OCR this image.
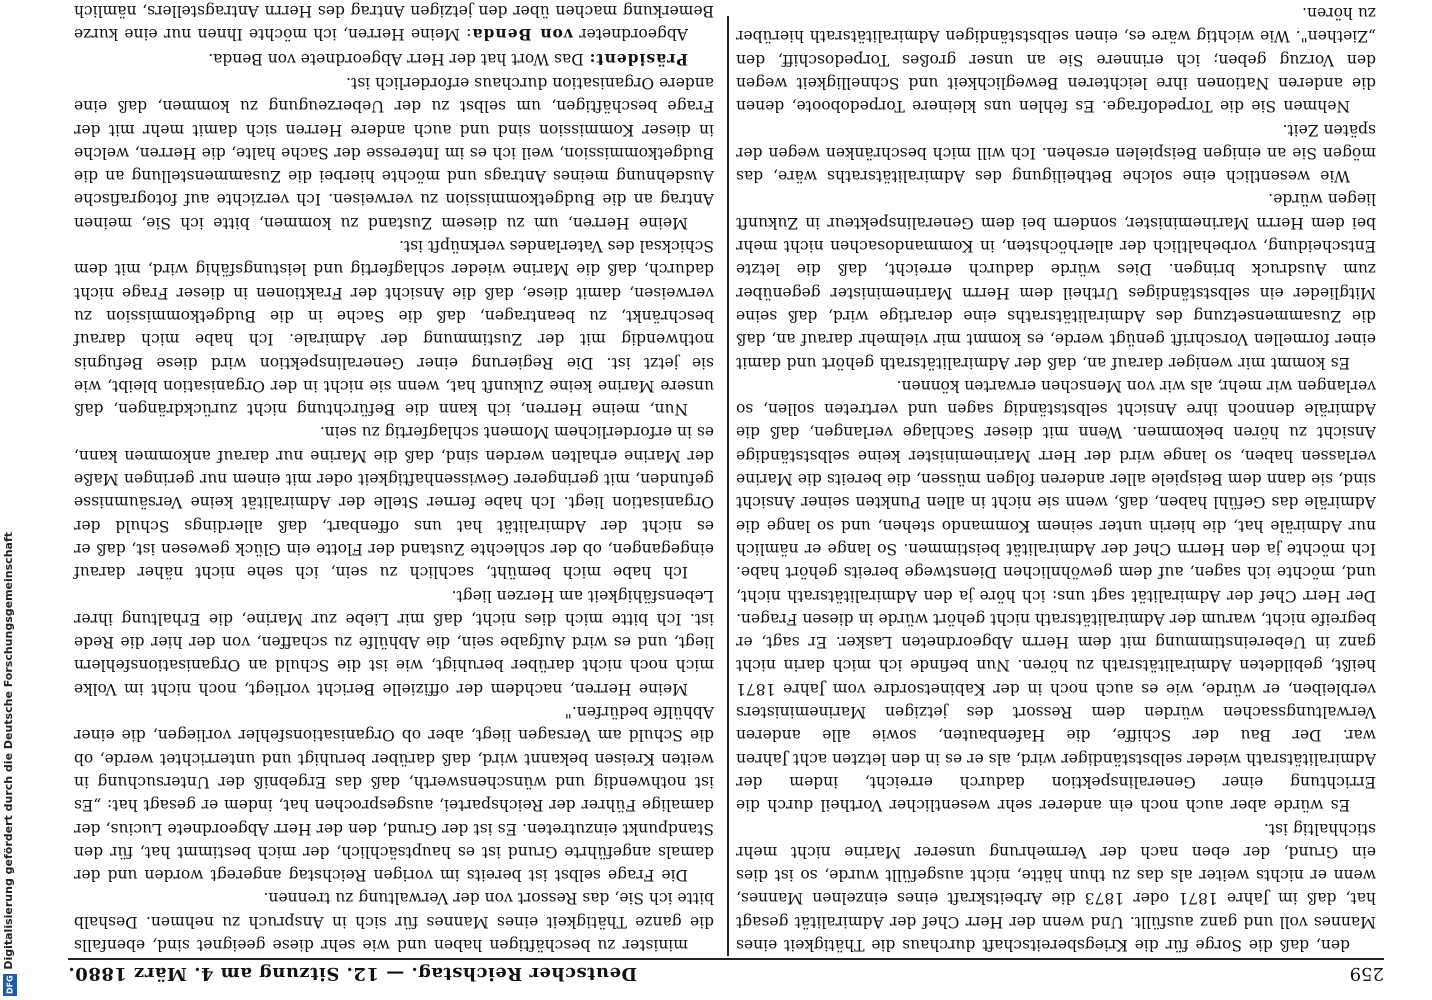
Digitalisierung gefördert durch die Deutsche Forschungsgemeinschaft
DFG
259
Deutscher Reichstag. — 12. Sitzung am 4. März 1880.

den, daß die Sorge für die Kriegsbereitschaft durchaus die Thätigkeit eines Mannes voll und ganz ausfüllt. Und wenn der Herr Chef der Admiralität gesagt hat, daß im Jahre 1871 oder 1873 die Arbeitskraft eines einzelnen Mannes, wenn er nichts weiter als das zu thun hätte, nicht ausgefüllt wurde, so ist dies ein Grund, der eben nach der Vermehrung unserer Marine nicht mehr stichhaltig ist.

Es würde aber auch noch ein anderer sehr wesentlicher Vortheil durch die Errichtung einer Generalinspektion dadurch erreicht, indem der Admiralitätsrath wieder selbstständiger wird, als er es in den letzten acht Jahren war. Der Bau der Schiffe, die Hafenbauten, sowie alle anderen Verwaltungssachen würden dem Ressort des jetzigen Marineministers verbleiben, er würde, wie es auch noch in der Kabinetsordre vom Jahre 1871 heißt, gebildeten Admiralitätsrath zu hören. Nun befinde ich mich darin nicht ganz in Uebereinstimmung mit dem Herrn Abgeordneten Lasker. Er sagt, er begreife nicht, warum der Admiralitätsrath nicht gehört würde in diesen Fragen. Der Herr Chef der Admiralität sagt uns: ich höre ja den Admiralitätsrath nicht, und, möchte ich sagen, auf dem gewöhnlichen Dienstwege bereits gehört habe. Ich möchte ja den Herrn Chef der Admiralität beistimmen. So lange er nämlich nur Admiräle hat, die hierin unter seinem Kommando stehen, und so lange die Admiräle das Gefühl haben, daß, wenn sie nicht in allen Punkten seiner Ansicht sind, sie dann dem Beispiele aller anderen folgen müssen, die bereits die Marine verlassen haben, so lange wird der Herr Marineminister keine selbstständige Ansicht zu hören bekommen. Wenn mit dieser Sachlage verlangen, daß die Admiräle dennoch ihre Ansicht selbstständig sagen und vertreten sollen, so verlangen wir mehr, als wir von Menschen erwarten können.

Es kommt mir weniger darauf an, daß der Admiralitätsrath gehört und damit einer formellen Vorschrift genügt werde, es kommt mir vielmehr darauf an, daß die Zusammensetzung des Admiralitätsraths eine derartige wird, daß seine Mitglieder ein selbstständiges Urtheil dem Herrn Marineminister gegenüber zum Ausdruck bringen. Dies würde dadurch erreicht, daß die letzte Entscheidung, vorbehaltlich der allerhöchsten, in Kommandosachen nicht mehr bei dem Herrn Marineminister, sondern bei dem Generalinspekteur in Zukunft liegen würde.

Wie wesentlich eine solche Betheiligung des Admiralitätsraths wäre, das mögen Sie an einigen Beispielen ersehen. Ich will mich beschränken wegen der späten Zeit.

Nehmen Sie die Torpedofrage. Es fehlen uns kleinere Torpedoboote, denen die anderen Nationen ihre leichteren Beweglichkeit und Schnelligkeit wegen den Vorzug geben; ich erinnere Sie an unser großes Torpedoschiff, den „Ziethen". Wie wichtig wäre es, einen selbstständigen Admiralitätsrath hierüber zu hören.

minister zu beschäftigen haben und wie sehr diese geeignet sind, ebenfalls die ganze Thätigkeit eines Mannes für sich in Anspruch zu nehmen. Deshalb bitte ich Sie, das Ressort von der Verwaltung zu trennen.

Die Frage selbst ist bereits im vorigen Reichstag angeregt worden und der damals angeführte Grund ist es hauptsächlich, der mich bestimmt hat, für den Standpunkt einzutreten. Es ist der Grund, den der Herr Abgeordnete Lucius, der damalige Führer der Reichspartei, ausgesprochen hat, indem er gesagt hat: „Es ist nothwendig und wünschenswerth, daß das Ergebniß der Untersuchung in weiten Kreisen bekannt wird, daß darüber beruhigt und unterrichtet werde, ob die Schuld am Versagen liegt, aber ob Organisationsfehler vorliegen, die einer Abhülfe bedürfen."

Meine Herren, nachdem der offizielle Bericht vorliegt, noch nicht im Volke mich noch nicht darüber beruhigt, wie ist die Schuld an Organisationsfehlern liegt, und es wird Aufgabe sein, die Abhülfe zu schaffen, von der hier die Rede ist. Ich bitte mich dies nicht, daß mir Liebe zur Marine, die Erhaltung ihrer Lebensfähigkeit am Herzen liegt.

Ich habe mich bemüht, sachlich zu sein, ich sehe nicht näher darauf eingegangen, ob der schlechte Zustand der Flotte ein Glück gewesen ist, daß er es nicht der Admiralität hat uns offenbart, daß allerdings Schuld der Organisation liegt. Ich habe ferner Stelle der Admiralität keine Versäumnisse gefunden, mit geringerer Gewissenhaftigkeit oder mit einem nur geringen Maße der Marine erhalten werden sind, daß die Marine nur darauf ankommen kann, es in erforderlichem Moment schlagfertig zu sein.

Nun, meine Herren, ich kann die Befürchtung nicht zurückdrängen, daß unsere Marine keine Zukunft hat, wenn sie nicht in der Organisation bleibt, wie sie jetzt ist. Die Regierung einer Generalinspektion wird diese Befugnis nothwendig mit der Zustimmung der Admirale. Ich habe mich darauf beschränkt, zu beantragen, daß die Sache in die Budgetkommission zu verweisen, damit diese, daß die Ansicht der Fraktionen in dieser Frage nicht dadurch, daß die Marine wieder schlagfertig und leistungsfähig wird, mit dem Schicksal des Vaterlandes verknüpft ist.

Meine Herren, um zu diesem Zustand zu kommen, bitte ich Sie, meinen Antrag an die Budgetkommission zu verweisen. Ich verzichte auf fotografische Ausdehnung meines Antrags und möchte hierbei die Zusammenstellung an die Budgetkommission, weil ich es im Interesse der Sache halte, die Herren, welche in dieser Kommission sind und auch andere Herren sich damit mehr mit der Frage beschäftigen, um selbst zu der Ueberzeugung zu kommen, daß eine andere Organisation durchaus erforderlich ist.

Präsident: Das Wort hat der Herr Abgeordnete von Benda.

Abgeordneter von Benda: Meine Herren, ich möchte Ihnen nur eine kurze Bemerkung machen über den jetzigen Antrag des Herrn Antragstellers, nämlich
